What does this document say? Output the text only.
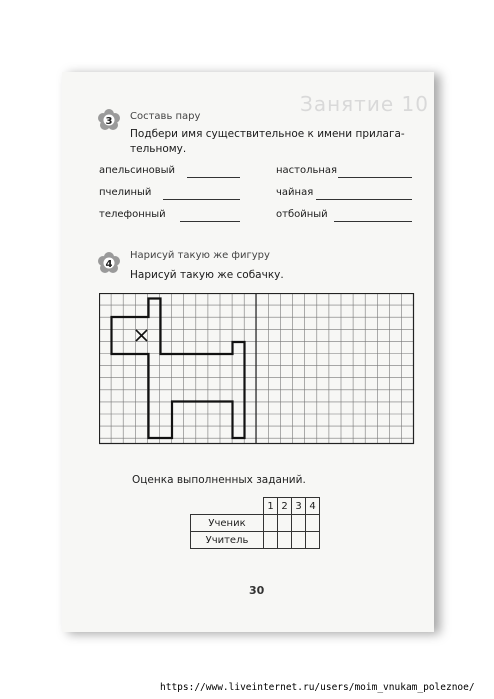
Занятие 10
3 Составь пару
Подбери имя существительное к имени прилага-
тельному.
апельсиновый	настольная
пчелиный	чайная
телефонный	отбойный
4
Нарисуй такую же фигуру
Нарисуй такую же собачку.
Оценка выполненных заданий.
	1	2	3	4
Ученик				
Учитель				
30
https://www.liveinternet.ru/users/moim_vnukam_poleznoe/
